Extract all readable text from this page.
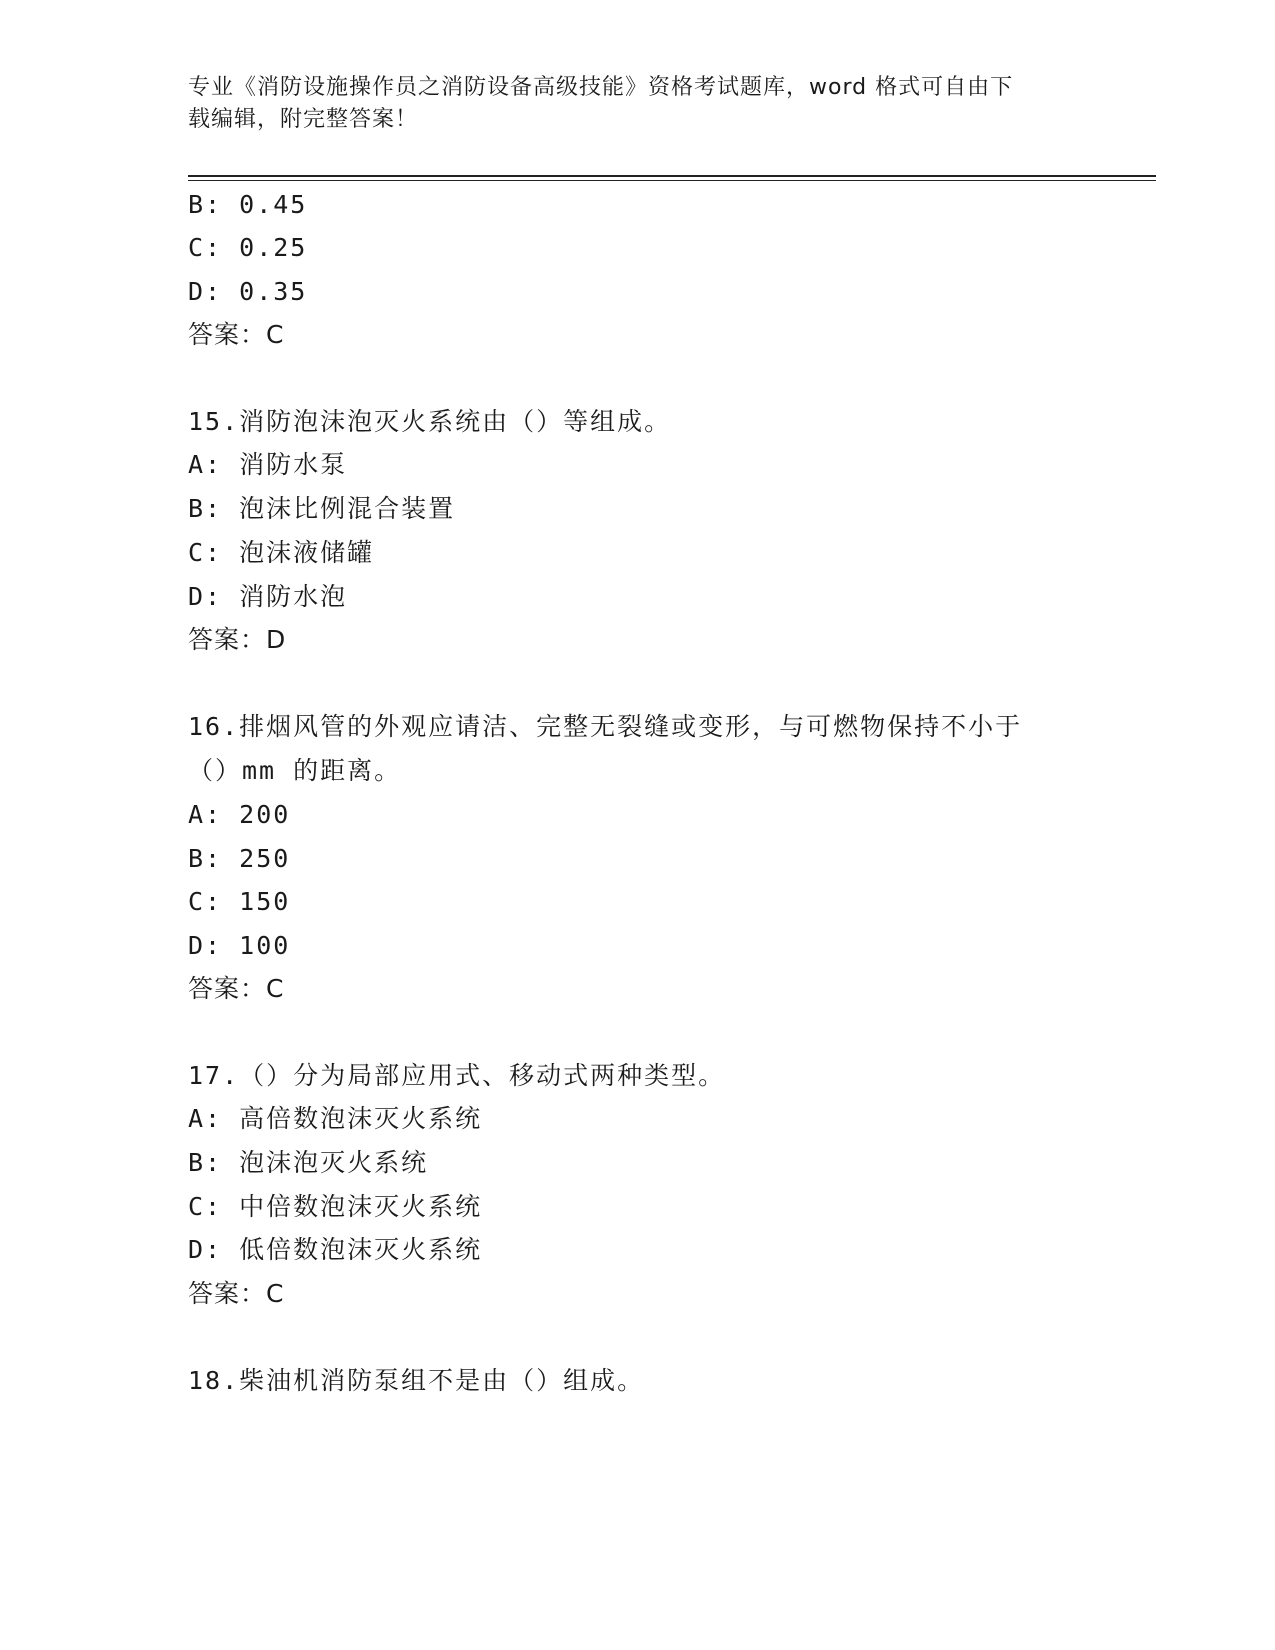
专业《消防设施操作员之消防设备高级技能》资格考试题库，word 格式可自由下
载编辑，附完整答案！
B: 0.45
C: 0.25
D: 0.35
答案：C
15.消防泡沫泡灭火系统由（）等组成。
A: 消防水泵
B: 泡沫比例混合装置
C: 泡沫液储罐
D: 消防水泡
答案：D
16.排烟风管的外观应请洁、完整无裂缝或变形，与可燃物保持不小于
（）mm 的距离。
A: 200
B: 250
C: 150
D: 100
答案：C
17.（）分为局部应用式、移动式两种类型。
A: 高倍数泡沫灭火系统
B: 泡沫泡灭火系统
C: 中倍数泡沫灭火系统
D: 低倍数泡沫灭火系统
答案：C
18.柴油机消防泵组不是由（）组成。
